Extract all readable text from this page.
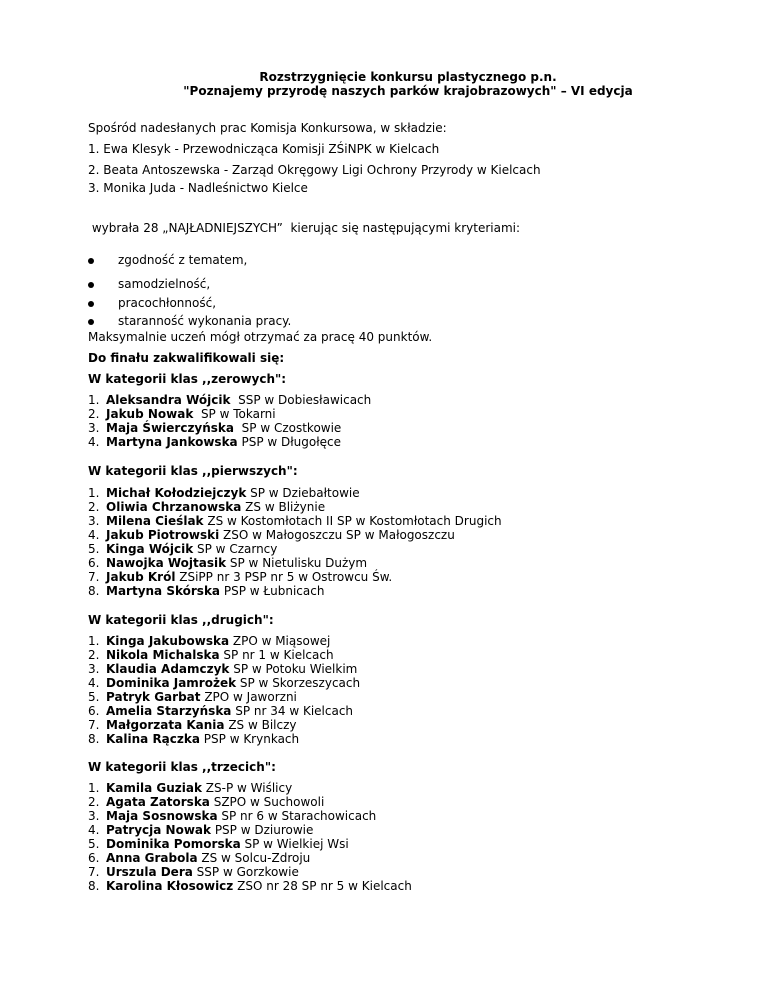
Rozstrzygnięcie konkursu plastycznego p.n.
"Poznajemy przyrodę naszych parków krajobrazowych" – VI edycja
Spośród nadesłanych prac Komisja Konkursowa, w składzie:
1. Ewa Klesyk - Przewodnicząca Komisji ZŚiNPK w Kielcach
2. Beata Antoszewska - Zarząd Okręgowy Ligi Ochrony Przyrody w Kielcach
3. Monika Juda - Nadleśnictwo Kielce
wybrała 28 „NAJŁADNIEJSZYCH”  kierując się następującymi kryteriami:
zgodność z tematem,
samodzielność,
pracochłonność,
staranność wykonania pracy.
Maksymalnie uczeń mógł otrzymać za pracę 40 punktów.
Do finału zakwalifikowali się:
W kategorii klas ,,zerowych":
1. Aleksandra Wójcik  SSP w Dobiesławicach
2. Jakub Nowak  SP w Tokarni
3. Maja Świerczyńska  SP w Czostkowie
4. Martyna Jankowska PSP w Długołęce
W kategorii klas ,,pierwszych":
1. Michał Kołodziejczyk SP w Dziebałtowie
2. Oliwia Chrzanowska ZS w Bliżynie
3. Milena Cieślak ZS w Kostomłotach II SP w Kostomłotach Drugich
4. Jakub Piotrowski ZSO w Małogoszczu SP w Małogoszczu
5. Kinga Wójcik SP w Czarncy
6. Nawojka Wojtasik SP w Nietulisku Dużym
7. Jakub Król ZSiPP nr 3 PSP nr 5 w Ostrowcu Św.
8. Martyna Skórska PSP w Łubnicach
W kategorii klas ,,drugich":
1. Kinga Jakubowska ZPO w Miąsowej
2. Nikola Michalska SP nr 1 w Kielcach
3. Klaudia Adamczyk SP w Potoku Wielkim
4. Dominika Jamrożek SP w Skorzeszycach
5. Patryk Garbat ZPO w Jaworzni
6. Amelia Starzyńska SP nr 34 w Kielcach
7. Małgorzata Kania ZS w Bilczy
8. Kalina Rączka PSP w Krynkach
W kategorii klas ,,trzecich":
1. Kamila Guziak ZS-P w Wiślicy
2. Agata Zatorska SZPO w Suchowoli
3. Maja Sosnowska SP nr 6 w Starachowicach
4. Patrycja Nowak PSP w Dziurowie
5. Dominika Pomorska SP w Wielkiej Wsi
6. Anna Grabola ZS w Solcu-Zdroju
7. Urszula Dera SSP w Gorzkowie
8. Karolina Kłosowicz ZSO nr 28 SP nr 5 w Kielcach
